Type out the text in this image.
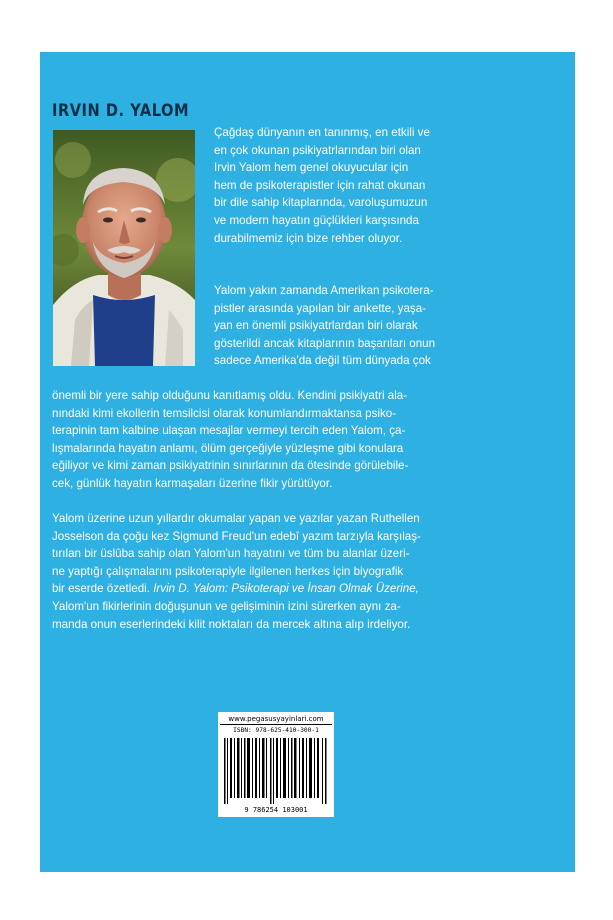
IRVIN D. YALOM
Çağdaş dünyanın en tanınmış, en etkili ve
en çok okunan psikiyatrlarından biri olan
Irvin Yalom hem genel okuyucular için
hem de psikoterapistler için rahat okunan
bir dile sahip kitaplarında, varoluşumuzun
ve modern hayatın güçlükleri karşısında
durabilmemiz için bize rehber oluyor.
Yalom yakın zamanda Amerikan psikotera-
pistler arasında yapılan bir ankette, yaşa-
yan en önemli psikiyatrlardan biri olarak
gösterildi ancak kitaplarının başarıları onun
sadece Amerika'da değil tüm dünyada çok
önemli bir yere sahip olduğunu kanıtlamış oldu. Kendini psikiyatri ala-
nındaki kimi ekollerin temsilcisi olarak konumlandırmaktansa psiko-
terapinin tam kalbine ulaşan mesajlar vermeyi tercih eden Yalom, ça-
lışmalarında hayatın anlamı, ölüm gerçeğiyle yüzleşme gibi konulara
eğiliyor ve kimi zaman psikiyatrinin sınırlarının da ötesinde görülebile-
cek, günlük hayatın karmaşaları üzerine fikir yürütüyor.
Yalom üzerine uzun yıllardır okumalar yapan ve yazılar yazan Ruthellen
Josselson da çoğu kez Sigmund Freud'un edebî yazım tarzıyla karşılaş-
tırılan bir üslûba sahip olan Yalom'un hayatını ve tüm bu alanlar üzeri-
ne yaptığı çalışmalarını psikoterapiyle ilgilenen herkes için biyografik
bir eserde özetledi. Irvin D. Yalom: Psikoterapi ve İnsan Olmak Üzerine,
Yalom'un fikirlerinin doğuşunun ve gelişiminin izini sürerken aynı za-
manda onun eserlerindeki kilit noktaları da mercek altına alıp irdeliyor.
www.pegasusyayinlari.com
ISBN: 978-625-410-300-1
9 786254 103001
